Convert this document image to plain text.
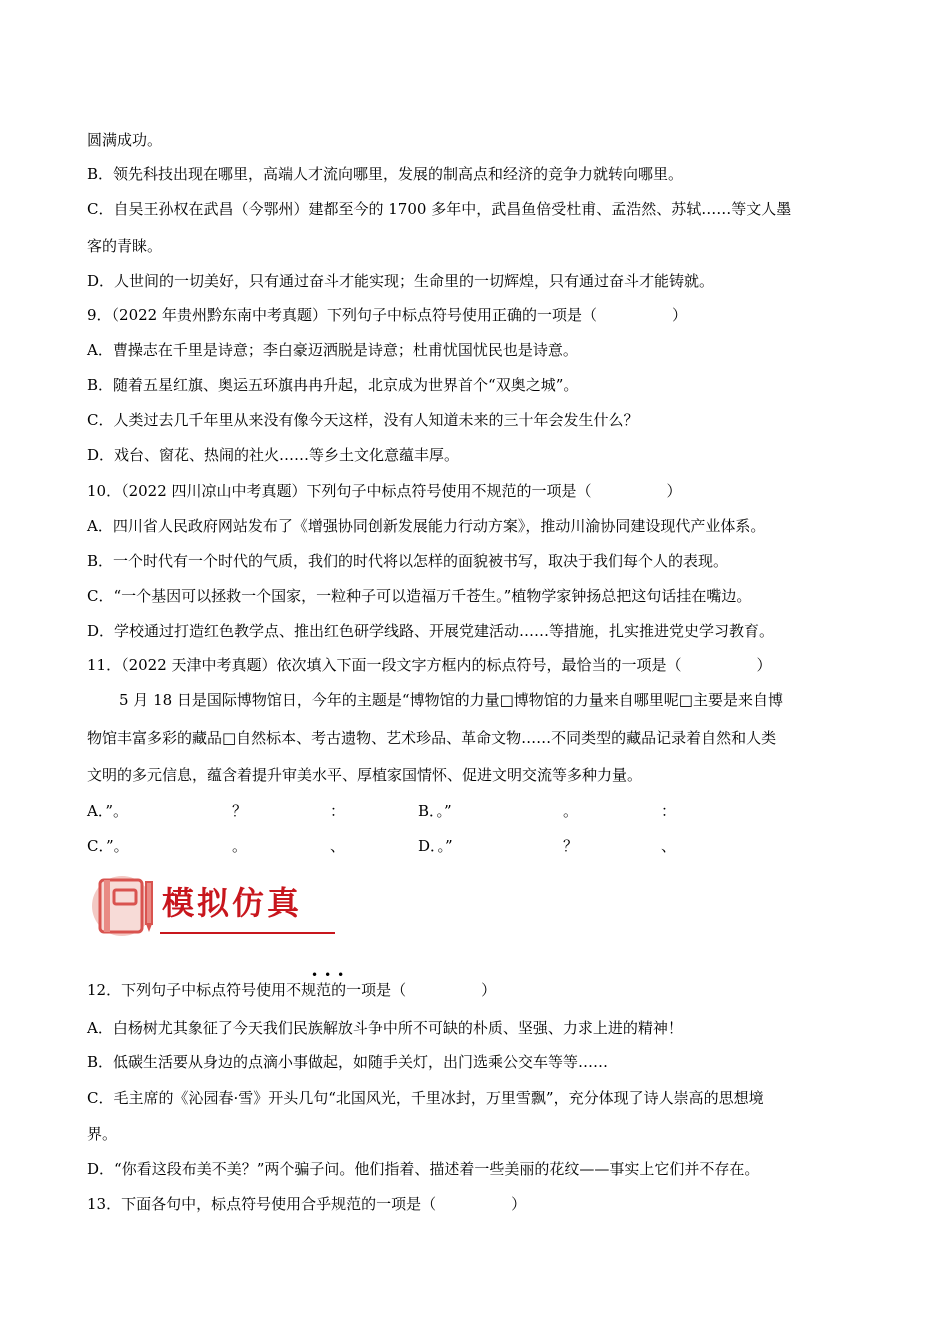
圆满成功。
B．领先科技出现在哪里，高端人才流向哪里，发展的制高点和经济的竞争力就转向哪里。
C．自吴王孙权在武昌（今鄂州）建都至今的 1700 多年中，武昌鱼倍受杜甫、孟浩然、苏轼……等文人墨
客的青睐。
D．人世间的一切美好，只有通过奋斗才能实现；生命里的一切辉煌，只有通过奋斗才能铸就。
9．（2022 年贵州黔东南中考真题）下列句子中标点符号使用正确的一项是（　　　　　）
A．曹操志在千里是诗意；李白豪迈洒脱是诗意；杜甫忧国忧民也是诗意。
B．随着五星红旗、奥运五环旗冉冉升起，北京成为世界首个“双奥之城”。
C．人类过去几千年里从来没有像今天这样，没有人知道未来的三十年会发生什么？
D．戏台、窗花、热闹的社火……等乡土文化意蕴丰厚。
10．（2022 四川凉山中考真题）下列句子中标点符号使用不规范的一项是（　　　　　）
A．四川省人民政府网站发布了《增强协同创新发展能力行动方案》，推动川渝协同建设现代产业体系。
B．一个时代有一个时代的气质，我们的时代将以怎样的面貌被书写，取决于我们每个人的表现。
C．“一个基因可以拯救一个国家，一粒种子可以造福万千苍生。”植物学家钟扬总把这句话挂在嘴边。
D．学校通过打造红色教学点、推出红色研学线路、开展党建活动……等措施，扎实推进党史学习教育。
11．（2022 天津中考真题）依次填入下面一段文字方框内的标点符号，最恰当的一项是（　　　　　）
5 月 18 日是国际博物馆日，今年的主题是“博物馆的力量□博物馆的力量来自哪里呢□主要是来自博
物馆丰富多彩的藏品□自然标本、考古遗物、艺术珍品、革命文物……不同类型的藏品记录着自然和人类
文明的多元信息，蕴含着提升审美水平、厚植家国情怀、促进文明交流等多种力量。
A．”。	？	：	B．。”	。	：
C．”。	。	、	D．。”	？	、
模拟仿真
•••
12．下列句子中标点符号使用不规范的一项是（　　　　　）
A．白杨树尤其象征了今天我们民族解放斗争中所不可缺的朴质、坚强、力求上进的精神！
B．低碳生活要从身边的点滴小事做起，如随手关灯，出门选乘公交车等等……
C．毛主席的《沁园春·雪》开头几句“北国风光，千里冰封，万里雪飘”，充分体现了诗人崇高的思想境
界。
D．“你看这段布美不美？”两个骗子问。他们指着、描述着一些美丽的花纹——事实上它们并不存在。
13．下面各句中，标点符号使用合乎规范的一项是（　　　　　）
